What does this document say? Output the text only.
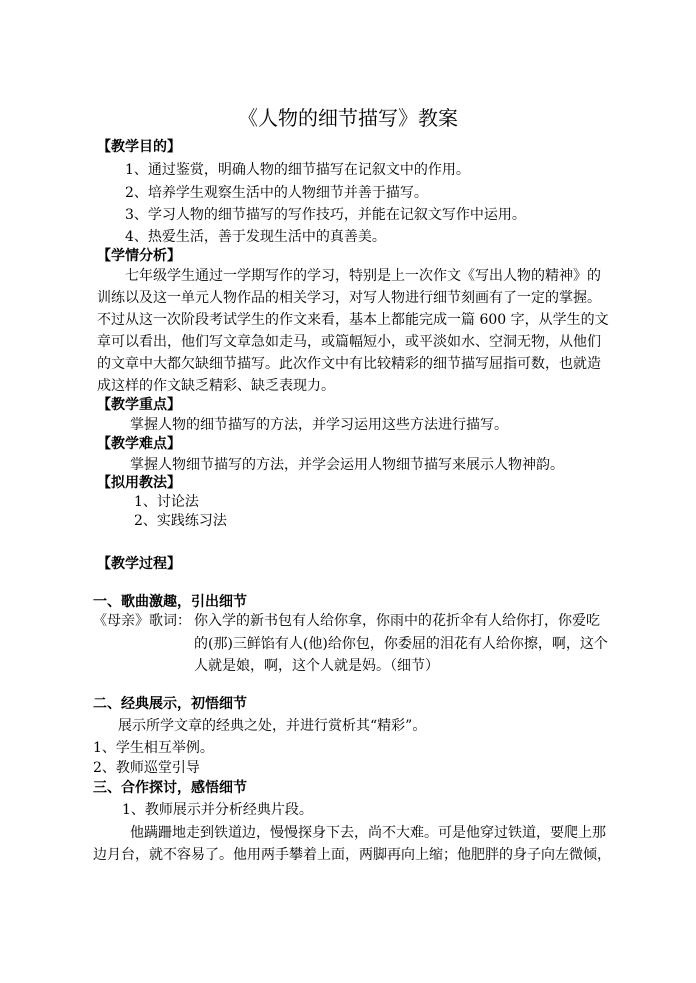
《人物的细节描写》教案
【教学目的】
1、通过鉴赏，明确人物的细节描写在记叙文中的作用。
2、培养学生观察生活中的人物细节并善于描写。
3、学习人物的细节描写的写作技巧，并能在记叙文写作中运用。
4、热爱生活，善于发现生活中的真善美。
【学情分析】
七年级学生通过一学期写作的学习，特别是上一次作文《写出人物的精神》的
训练以及这一单元人物作品的相关学习，对写人物进行细节刻画有了一定的掌握。
不过从这一次阶段考试学生的作文来看，基本上都能完成一篇 600 字，从学生的文
章可以看出，他们写文章急如走马，或篇幅短小，或平淡如水、空洞无物，从他们
的文章中大都欠缺细节描写。此次作文中有比较精彩的细节描写屈指可数，也就造
成这样的作文缺乏精彩、缺乏表现力。
【教学重点】
掌握人物的细节描写的方法，并学习运用这些方法进行描写。
【教学难点】
掌握人物细节描写的方法，并学会运用人物细节描写来展示人物神韵。
【拟用教法】
1、讨论法
2、实践练习法
【教学过程】
一、歌曲激趣，引出细节
《母亲》歌词： 你入学的新书包有人给你拿，你雨中的花折伞有人给你打，你爱吃
的(那)三鲜馅有人(他)给你包，你委屈的泪花有人给你擦，啊，这个
人就是娘，啊，这个人就是妈。（细节）
二、经典展示，初悟细节
展示所学文章的经典之处，并进行赏析其“精彩”。
1、学生相互举例。
2、教师巡堂引导
三、合作探讨，感悟细节
1、教师展示并分析经典片段。
他蹒跚地走到铁道边，慢慢探身下去，尚不大难。可是他穿过铁道，要爬上那
边月台，就不容易了。他用两手攀着上面，两脚再向上缩；他肥胖的身子向左微倾，
